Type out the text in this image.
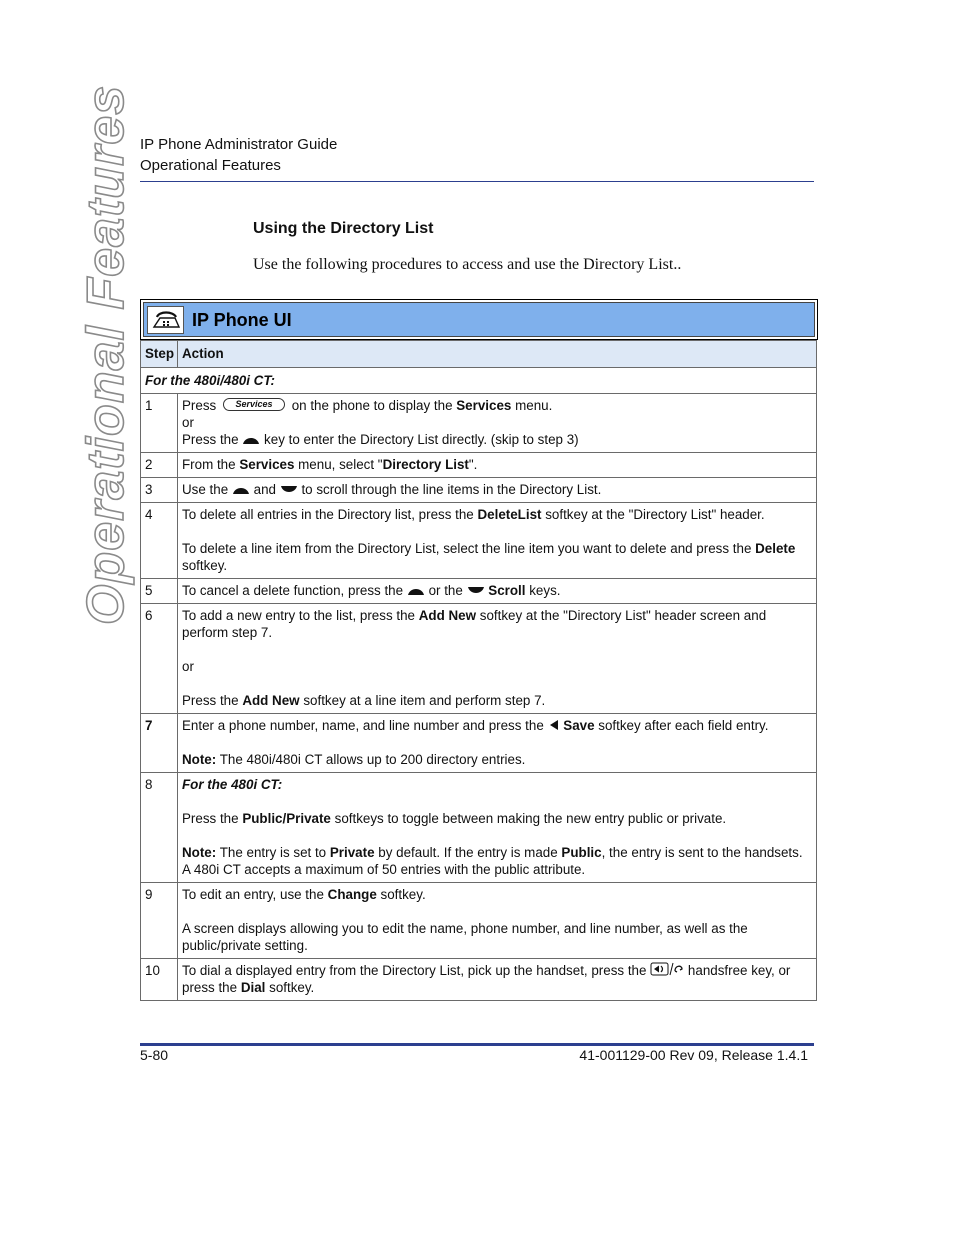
IP Phone Administrator Guide
Operational Features
Operational Features	Using the Directory List
Use the following procedures to access and use the Directory List..
IP Phone UI
Step	Action
For the 480i/480i CT:	
1	Press Services on the phone to display the Services menu.
or
Press the key to enter the Directory List directly. (skip to step 3)

2	From the Services menu, select "Directory List".
3	Use the and to scroll through the line items in the Directory List.
4	To delete all entries in the Directory list, press the DeleteList softkey at the "Directory List" header.
To delete a line item from the Directory List, select the line item you want to delete and press the Delete softkey.

5	To cancel a delete function, press the or the Scroll keys.
6	To add a new entry to the list, press the Add New softkey at the "Directory List" header screen and perform step 7.
or
Press the Add New softkey at a line item and perform step 7.

7	Enter a phone number, name, and line number and press the Save softkey after each field entry.
Note: The 480i/480i CT allows up to 200 directory entries.

8	For the 480i CT:
Press the Public/Private softkeys to toggle between making the new entry public or private.
Note: The entry is set to Private by default. If the entry is made Public, the entry is sent to the handsets. A 480i CT accepts a maximum of 50 entries with the public attribute.

9	To edit an entry, use the Change softkey.
A screen displays allowing you to edit the name, phone number, and line number, as well as the public/private setting.

10	To dial a displayed entry from the Directory List, pick up the handset, press the handsfree key, or press the Dial softkey.
5-80	41-001129-00 Rev 09, Release 1.4.1
